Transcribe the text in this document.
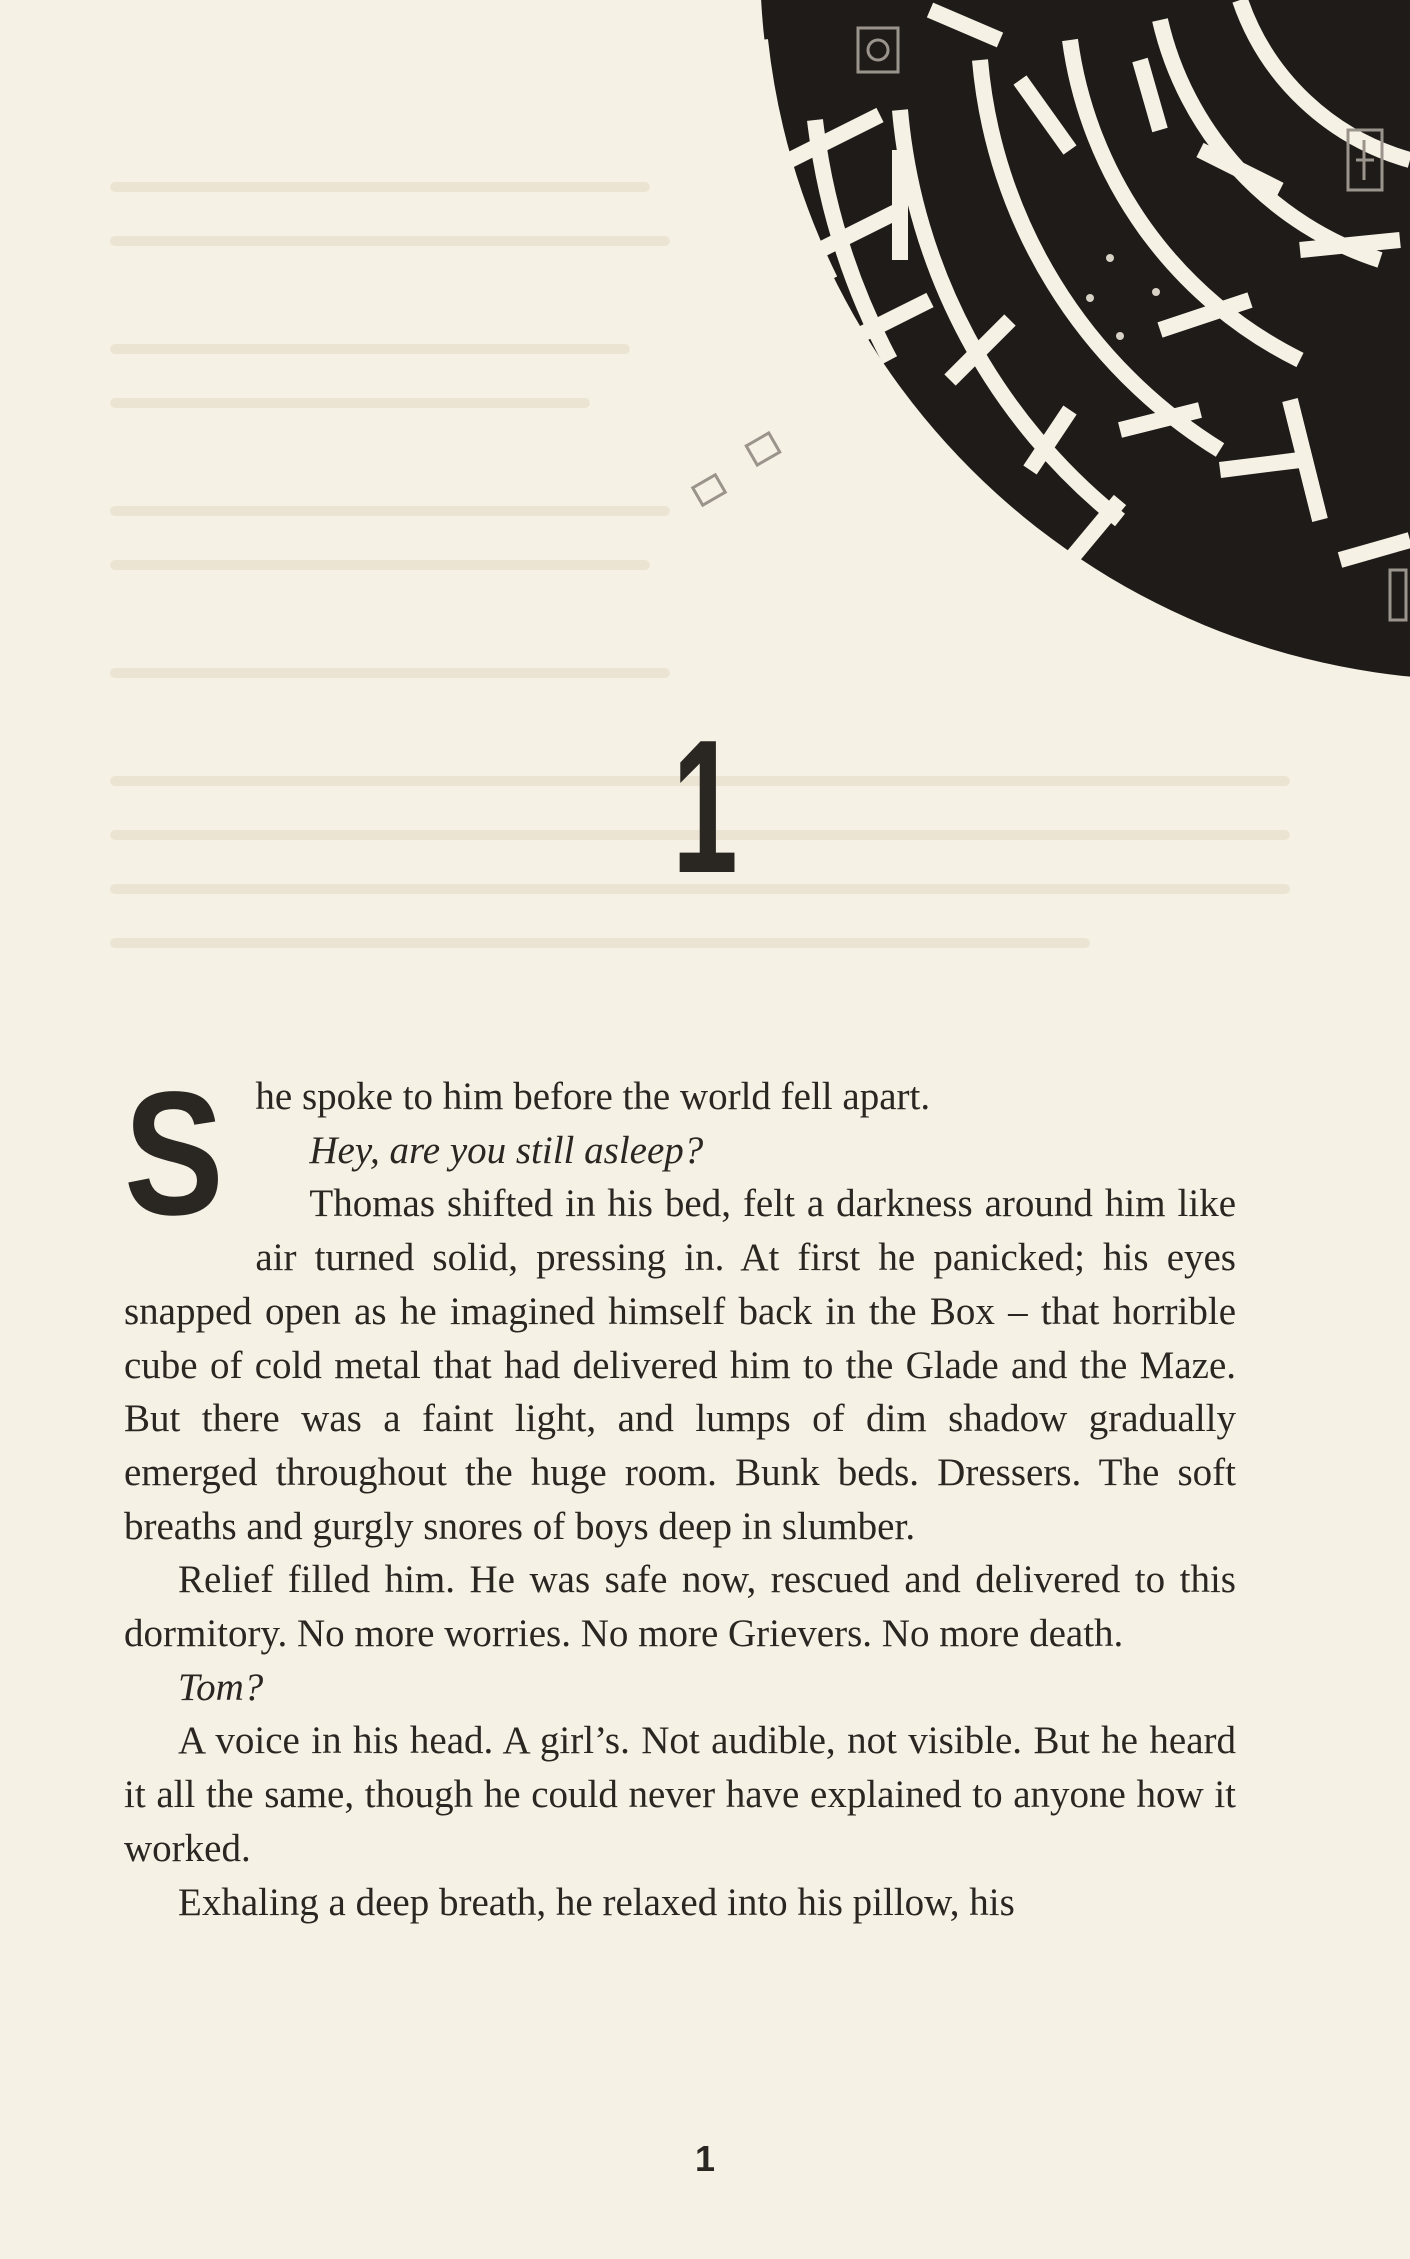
1
S he spoke to him before the world fell apart.

Hey, are you still asleep?

Thomas shifted in his bed, felt a darkness around him like air turned solid, pressing in. At first he panicked; his eyes snapped open as he imagined himself back in the Box – that horrible cube of cold metal that had delivered him to the Glade and the Maze. But there was a faint light, and lumps of dim shadow gradually emerged throughout the huge room. Bunk beds. Dressers. The soft breaths and gurgly snores of boys deep in slumber.

Relief filled him. He was safe now, rescued and delivered to this dormitory. No more worries. No more Grievers. No more death.

Tom?

A voice in his head. A girl’s. Not audible, not visible. But he heard it all the same, though he could never have explained to anyone how it worked.

Exhaling a deep breath, he relaxed into his pillow, his

1
